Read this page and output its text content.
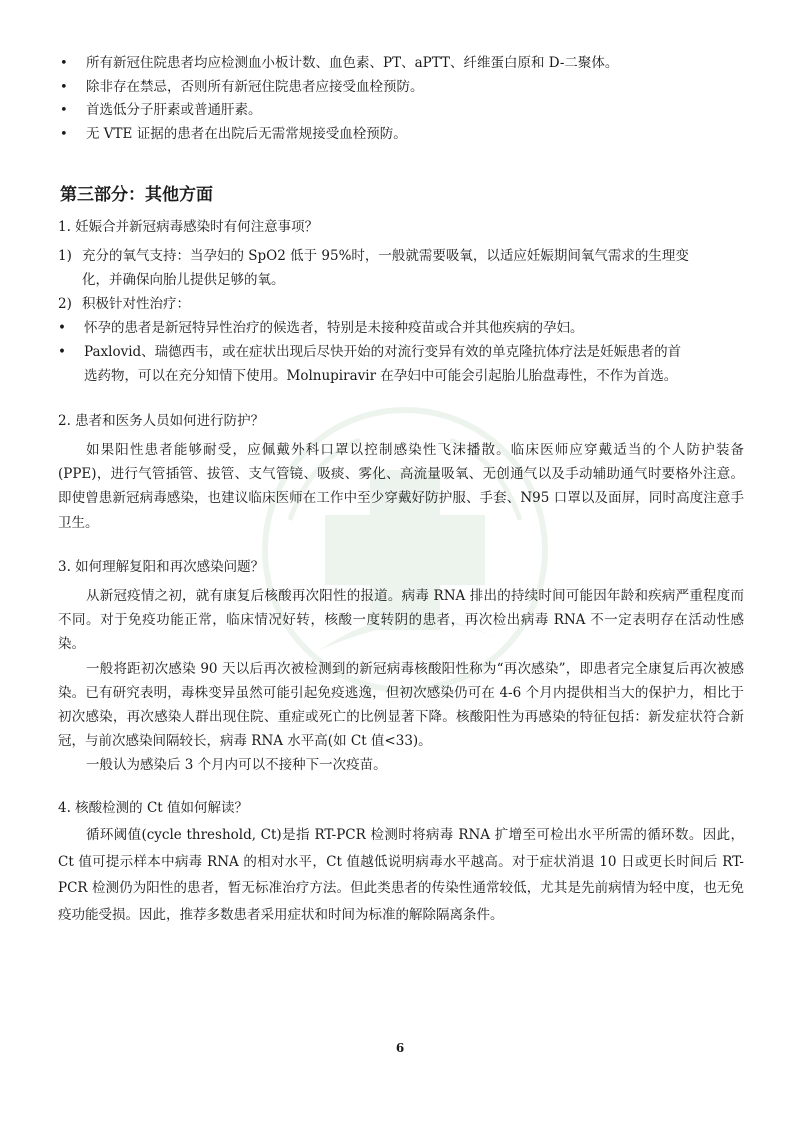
• 所有新冠住院患者均应检测血小板计数、血色素、PT、aPTT、纤维蛋白原和 D-二聚体。
• 除非存在禁忌，否则所有新冠住院患者应接受血栓预防。
• 首选低分子肝素或普通肝素。
• 无 VTE 证据的患者在出院后无需常规接受血栓预防。
第三部分：其他方面
1. 妊娠合并新冠病毒感染时有何注意事项？
1) 充分的氧气支持：当孕妇的 SpO2 低于 95%时，一般就需要吸氧，以适应妊娠期间氧气需求的生理变
化，并确保向胎儿提供足够的氧。
2) 积极针对性治疗：
• 怀孕的患者是新冠特异性治疗的候选者，特别是未接种疫苗或合并其他疾病的孕妇。
• Paxlovid、瑞德西韦，或在症状出现后尽快开始的对流行变异有效的单克隆抗体疗法是妊娠患者的首
选药物，可以在充分知情下使用。Molnupiravir 在孕妇中可能会引起胎儿胎盘毒性，不作为首选。
2. 患者和医务人员如何进行防护？

如果阳性患者能够耐受，应佩戴外科口罩以控制感染性飞沫播散。临床医师应穿戴适当的个人防护装备(PPE)，进行气管插管、拔管、支气管镜、吸痰、雾化、高流量吸氧、无创通气以及手动辅助通气时要格外注意。即使曾患新冠病毒感染，也建议临床医师在工作中至少穿戴好防护服、手套、N95 口罩以及面屏，同时高度注意手卫生。

3. 如何理解复阳和再次感染问题？

从新冠疫情之初，就有康复后核酸再次阳性的报道。病毒 RNA 排出的持续时间可能因年龄和疾病严重程度而不同。对于免疫功能正常，临床情况好转，核酸一度转阴的患者，再次检出病毒 RNA 不一定表明存在活动性感染。

一般将距初次感染 90 天以后再次被检测到的新冠病毒核酸阳性称为“再次感染”，即患者完全康复后再次被感染。已有研究表明，毒株变异虽然可能引起免疫逃逸，但初次感染仍可在 4-6 个月内提供相当大的保护力，相比于初次感染，再次感染人群出现住院、重症或死亡的比例显著下降。核酸阳性为再感染的特征包括：新发症状符合新冠，与前次感染间隔较长，病毒 RNA 水平高(如 Ct 值<33)。

一般认为感染后 3 个月内可以不接种下一次疫苗。

4. 核酸检测的 Ct 值如何解读？

循环阈值(cycle threshold, Ct)是指 RT-PCR 检测时将病毒 RNA 扩增至可检出水平所需的循环数。因此，Ct 值可提示样本中病毒 RNA 的相对水平，Ct 值越低说明病毒水平越高。对于症状消退 10 日或更长时间后 RT-PCR 检测仍为阳性的患者，暂无标准治疗方法。但此类患者的传染性通常较低，尤其是先前病情为轻中度，也无免疫功能受损。因此，推荐多数患者采用症状和时间为标准的解除隔离条件。

6
